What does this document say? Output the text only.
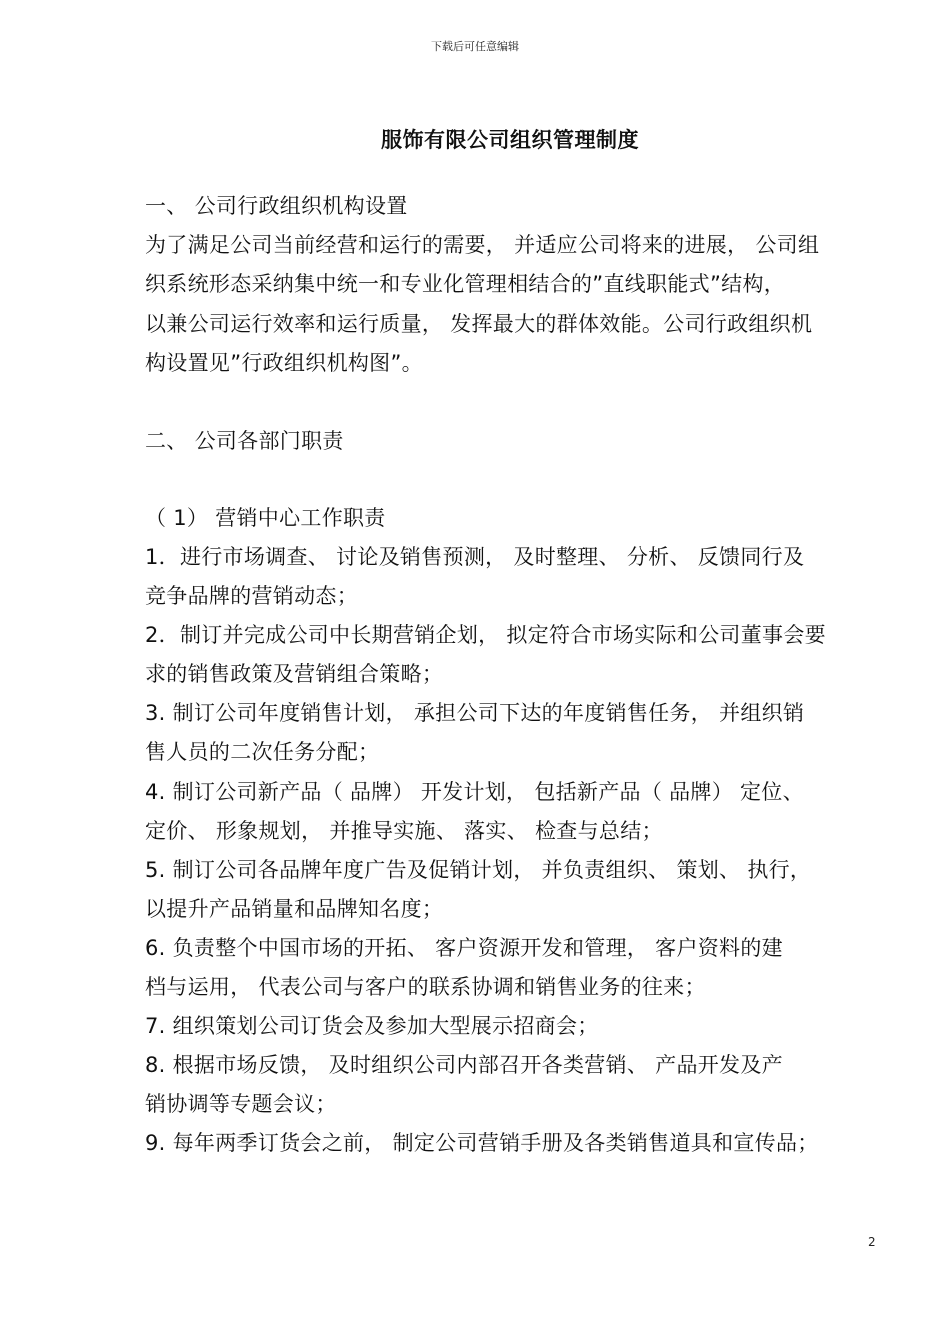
下载后可任意编辑
服饰有限公司组织管理制度
一、 公司行政组织机构设置
为了满足公司当前经营和运行的需要， 并适应公司将来的进展， 公司组
织系统形态采纳集中统一和专业化管理相结合的”直线职能式”结构，
以兼公司运行效率和运行质量， 发挥最大的群体效能。公司行政组织机
构设置见”行政组织机构图”。
二、 公司各部门职责
（ 1） 营销中心工作职责
1．进行市场调查、 讨论及销售预测， 及时整理、 分析、 反馈同行及
竞争品牌的营销动态；
2．制订并完成公司中长期营销企划， 拟定符合市场实际和公司董事会要
求的销售政策及营销组合策略；
3. 制订公司年度销售计划， 承担公司下达的年度销售任务， 并组织销
售人员的二次任务分配；
4. 制订公司新产品（ 品牌） 开发计划， 包括新产品（ 品牌） 定位、
定价、 形象规划， 并推导实施、 落实、 检查与总结；
5. 制订公司各品牌年度广告及促销计划， 并负责组织、 策划、 执行，
以提升产品销量和品牌知名度；
6. 负责整个中国市场的开拓、 客户资源开发和管理， 客户资料的建
档与运用， 代表公司与客户的联系协调和销售业务的往来；
7. 组织策划公司订货会及参加大型展示招商会；
8. 根据市场反馈， 及时组织公司内部召开各类营销、 产品开发及产
销协调等专题会议；
9. 每年两季订货会之前， 制定公司营销手册及各类销售道具和宣传品；
2
